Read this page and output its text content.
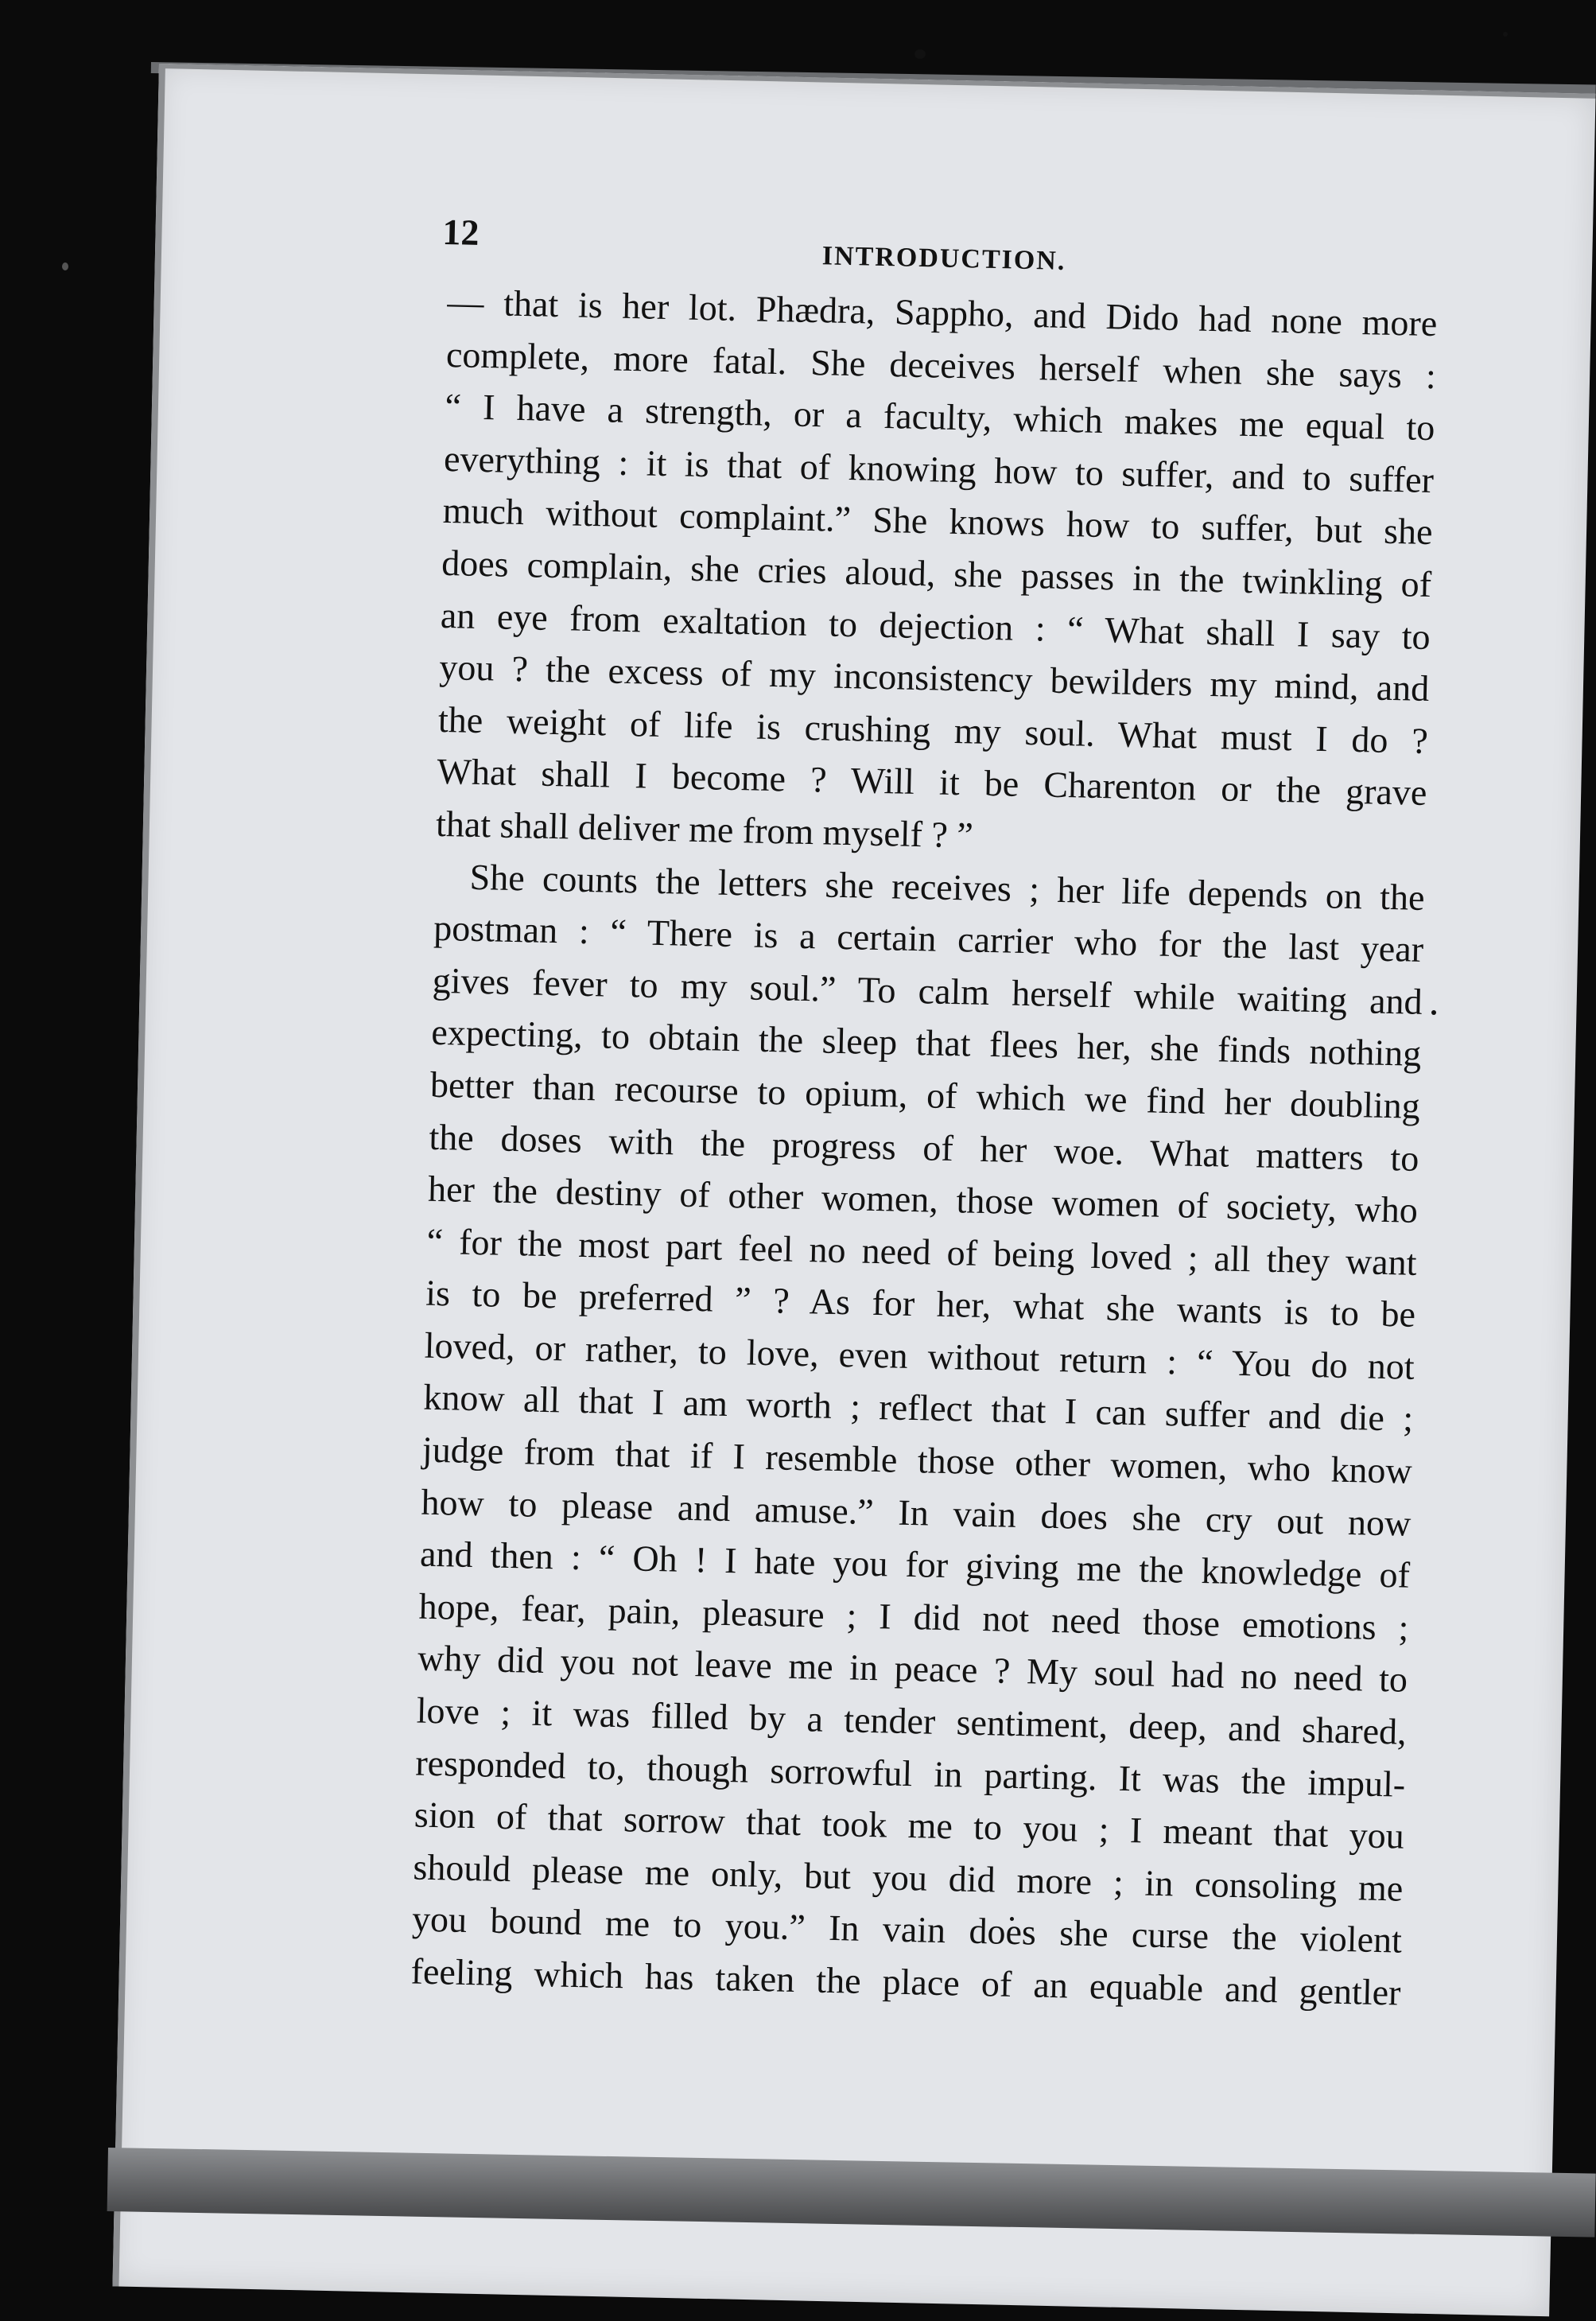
12
INTRODUCTION.

— that is her lot. Phædra, Sappho, and Dido had none more
complete, more fatal. She deceives herself when she says :
“ I have a strength, or a faculty, which makes me equal to
everything : it is that of knowing how to suffer, and to suffer
much without complaint.” She knows how to suffer, but she
does complain, she cries aloud, she passes in the twinkling of
an eye from exaltation to dejection : “ What shall I say to
you ? the excess of my inconsistency bewilders my mind, and
the weight of life is crushing my soul. What must I do ?
What shall I become ? Will it be Charenton or the grave
that shall deliver me from myself ? ”

She counts the letters she receives ; her life depends on the
postman : “ There is a certain carrier who for the last year
gives fever to my soul.” To calm herself while waiting and
expecting, to obtain the sleep that flees her, she finds nothing
better than recourse to opium, of which we find her doubling
the doses with the progress of her woe. What matters to
her the destiny of other women, those women of society, who
“ for the most part feel no need of being loved ; all they want
is to be preferred ” ? As for her, what she wants is to be
loved, or rather, to love, even without return : “ You do not
know all that I am worth ; reflect that I can suffer and die ;
judge from that if I resemble those other women, who know
how to please and amuse.” In vain does she cry out now
and then : “ Oh ! I hate you for giving me the knowledge of
hope, fear, pain, pleasure ; I did not need those emotions ;
why did you not leave me in peace ? My soul had no need to
love ; it was filled by a tender sentiment, deep, and shared,
responded to, though sorrowful in parting. It was the impul-
sion of that sorrow that took me to you ; I meant that you
should please me only, but you did more ; in consoling me
you bound me to you.” In vain does she curse the violent
feeling which has taken the place of an equable and gentler
